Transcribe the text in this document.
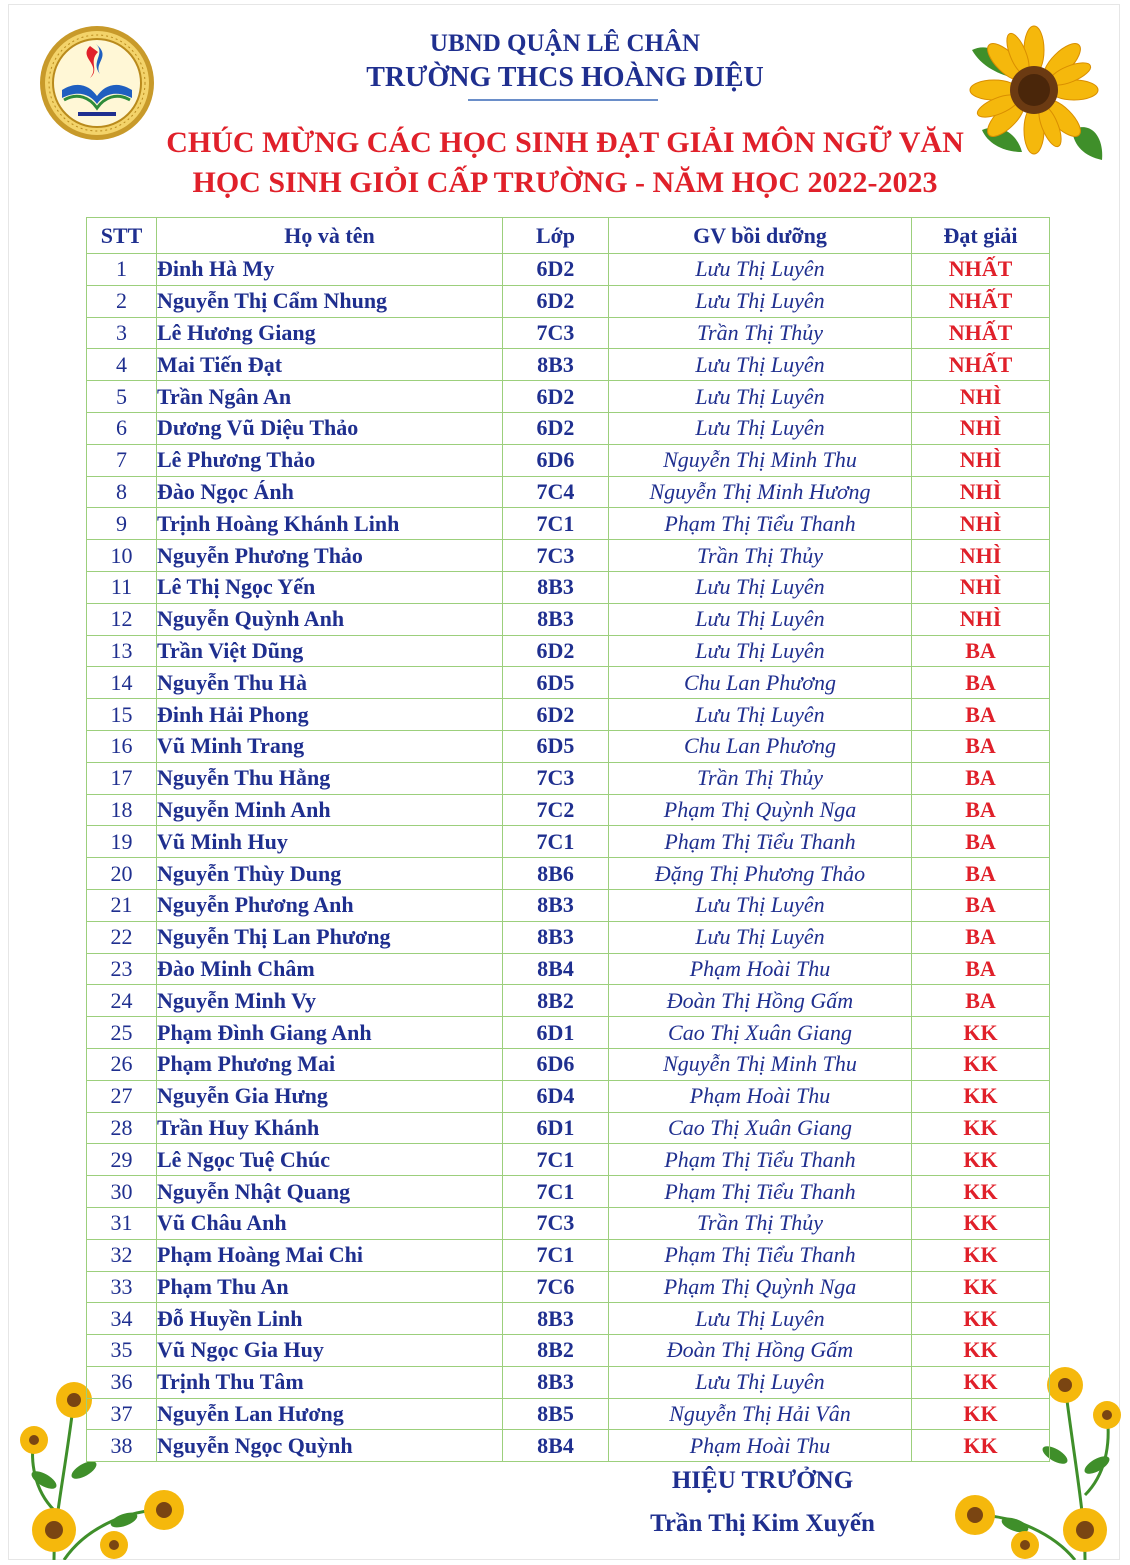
UBND QUẬN LÊ CHÂN
TRƯỜNG THCS HOÀNG DIỆU
CHÚC MỪNG CÁC HỌC SINH ĐẠT GIẢI MÔN NGỮ VĂN
HỌC SINH GIỎI CẤP TRƯỜNG - NĂM HỌC 2022-2023
STT	Họ và tên	Lớp	GV bồi dưỡng	Đạt giải
1	Đinh Hà My	6D2	Lưu Thị Luyên	NHẤT
2	Nguyễn Thị Cẩm Nhung	6D2	Lưu Thị Luyên	NHẤT
3	Lê Hương Giang	7C3	Trần Thị Thủy	NHẤT
4	Mai Tiến Đạt	8B3	Lưu Thị Luyên	NHẤT
5	Trần Ngân An	6D2	Lưu Thị Luyên	NHÌ
6	Dương Vũ Diệu Thảo	6D2	Lưu Thị Luyên	NHÌ
7	Lê Phương Thảo	6D6	Nguyễn Thị Minh Thu	NHÌ
8	Đào Ngọc Ánh	7C4	Nguyễn Thị Minh Hương	NHÌ
9	Trịnh Hoàng Khánh Linh	7C1	Phạm Thị Tiểu Thanh	NHÌ
10	Nguyễn Phương Thảo	7C3	Trần Thị Thủy	NHÌ
11	Lê Thị Ngọc Yến	8B3	Lưu Thị Luyên	NHÌ
12	Nguyễn Quỳnh Anh	8B3	Lưu Thị Luyên	NHÌ
13	Trần Việt Dũng	6D2	Lưu Thị Luyên	BA
14	Nguyễn Thu Hà	6D5	Chu Lan Phương	BA
15	Đinh Hải Phong	6D2	Lưu Thị Luyên	BA
16	Vũ Minh Trang	6D5	Chu Lan Phương	BA
17	Nguyễn Thu Hằng	7C3	Trần Thị Thủy	BA
18	Nguyễn Minh Anh	7C2	Phạm Thị Quỳnh Nga	BA
19	Vũ Minh Huy	7C1	Phạm Thị Tiểu Thanh	BA
20	Nguyễn Thùy Dung	8B6	Đặng Thị Phương Thảo	BA
21	Nguyễn Phương Anh	8B3	Lưu Thị Luyên	BA
22	Nguyễn Thị Lan Phương	8B3	Lưu Thị Luyên	BA
23	Đào Minh Châm	8B4	Phạm Hoài Thu	BA
24	Nguyễn Minh Vy	8B2	Đoàn Thị Hồng Gấm	BA
25	Phạm Đình Giang Anh	6D1	Cao Thị Xuân Giang	KK
26	Phạm Phương Mai	6D6	Nguyễn Thị Minh Thu	KK
27	Nguyễn Gia Hưng	6D4	Phạm Hoài Thu	KK
28	Trần Huy Khánh	6D1	Cao Thị Xuân Giang	KK
29	Lê Ngọc Tuệ Chúc	7C1	Phạm Thị Tiểu Thanh	KK
30	Nguyễn Nhật Quang	7C1	Phạm Thị Tiểu Thanh	KK
31	Vũ Châu Anh	7C3	Trần Thị Thủy	KK
32	Phạm Hoàng Mai Chi	7C1	Phạm Thị Tiểu Thanh	KK
33	Phạm Thu An	7C6	Phạm Thị Quỳnh Nga	KK
34	Đỗ Huyền Linh	8B3	Lưu Thị Luyên	KK
35	Vũ Ngọc Gia Huy	8B2	Đoàn Thị Hồng Gấm	KK
36	Trịnh Thu Tâm	8B3	Lưu Thị Luyên	KK
37	Nguyễn Lan Hương	8B5	Nguyễn Thị Hải Vân	KK
38	Nguyễn Ngọc Quỳnh	8B4	Phạm Hoài Thu	KK
HIỆU TRƯỞNG
Trần Thị Kim Xuyến
